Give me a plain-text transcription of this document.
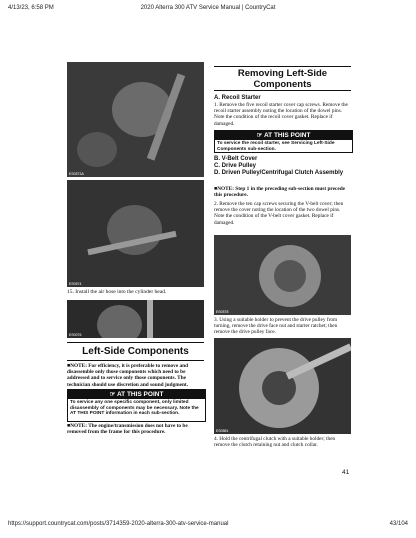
4/13/23, 6:58 PM	2020 Alterra 300 ATV Service Manual | CountryCat
ES0573A
ES0574
15. Install the air hose into the cylinder head.
ES0076
Left-Side Components
■NOTE: For efficiency, it is preferable to remove and disassemble only those components which need to be addressed and to service only those components. The technician should use discretion and sound judgment.
☞ AT THIS POINT
To service any one specific component, only limited disassembly of components may be necessary. Note the AT THIS POINT information in each sub-section.
■NOTE: The engine/transmission does not have to be removed from the frame for this procedure.
Removing Left-Side Components
A. Recoil Starter
1. Remove the five recoil starter cover cap screws. Remove the recoil starter assembly noting the location of the dowel pins. Note the condition of the recoil cover gasket. Replace if damaged.
☞ AT THIS POINT
To service the recoil starter, see Servicing Left-Side Components sub-section.
B. V-Belt Cover
C. Drive Pulley
D. Driven Pulley/Centrifugal Clutch Assembly
■NOTE: Step 1 in the preceding sub-section must precede this procedure.
2. Remove the ten cap screws securing the V-belt cover; then remove the cover noting the location of the two dowel pins. Note the condition of the V-belt cover gasket. Replace if damaged.
ES0578
3. Using a suitable holder to prevent the drive pulley from turning, remove the drive face nut and starter ratchet; then remove the drive pulley face.
ES0581
4. Hold the centrifugal clutch with a suitable holder; then remove the clutch retaining nut and clutch collar.
41
https://support.countrycat.com/posts/3714359-2020-alterra-300-atv-service-manual	43/104
